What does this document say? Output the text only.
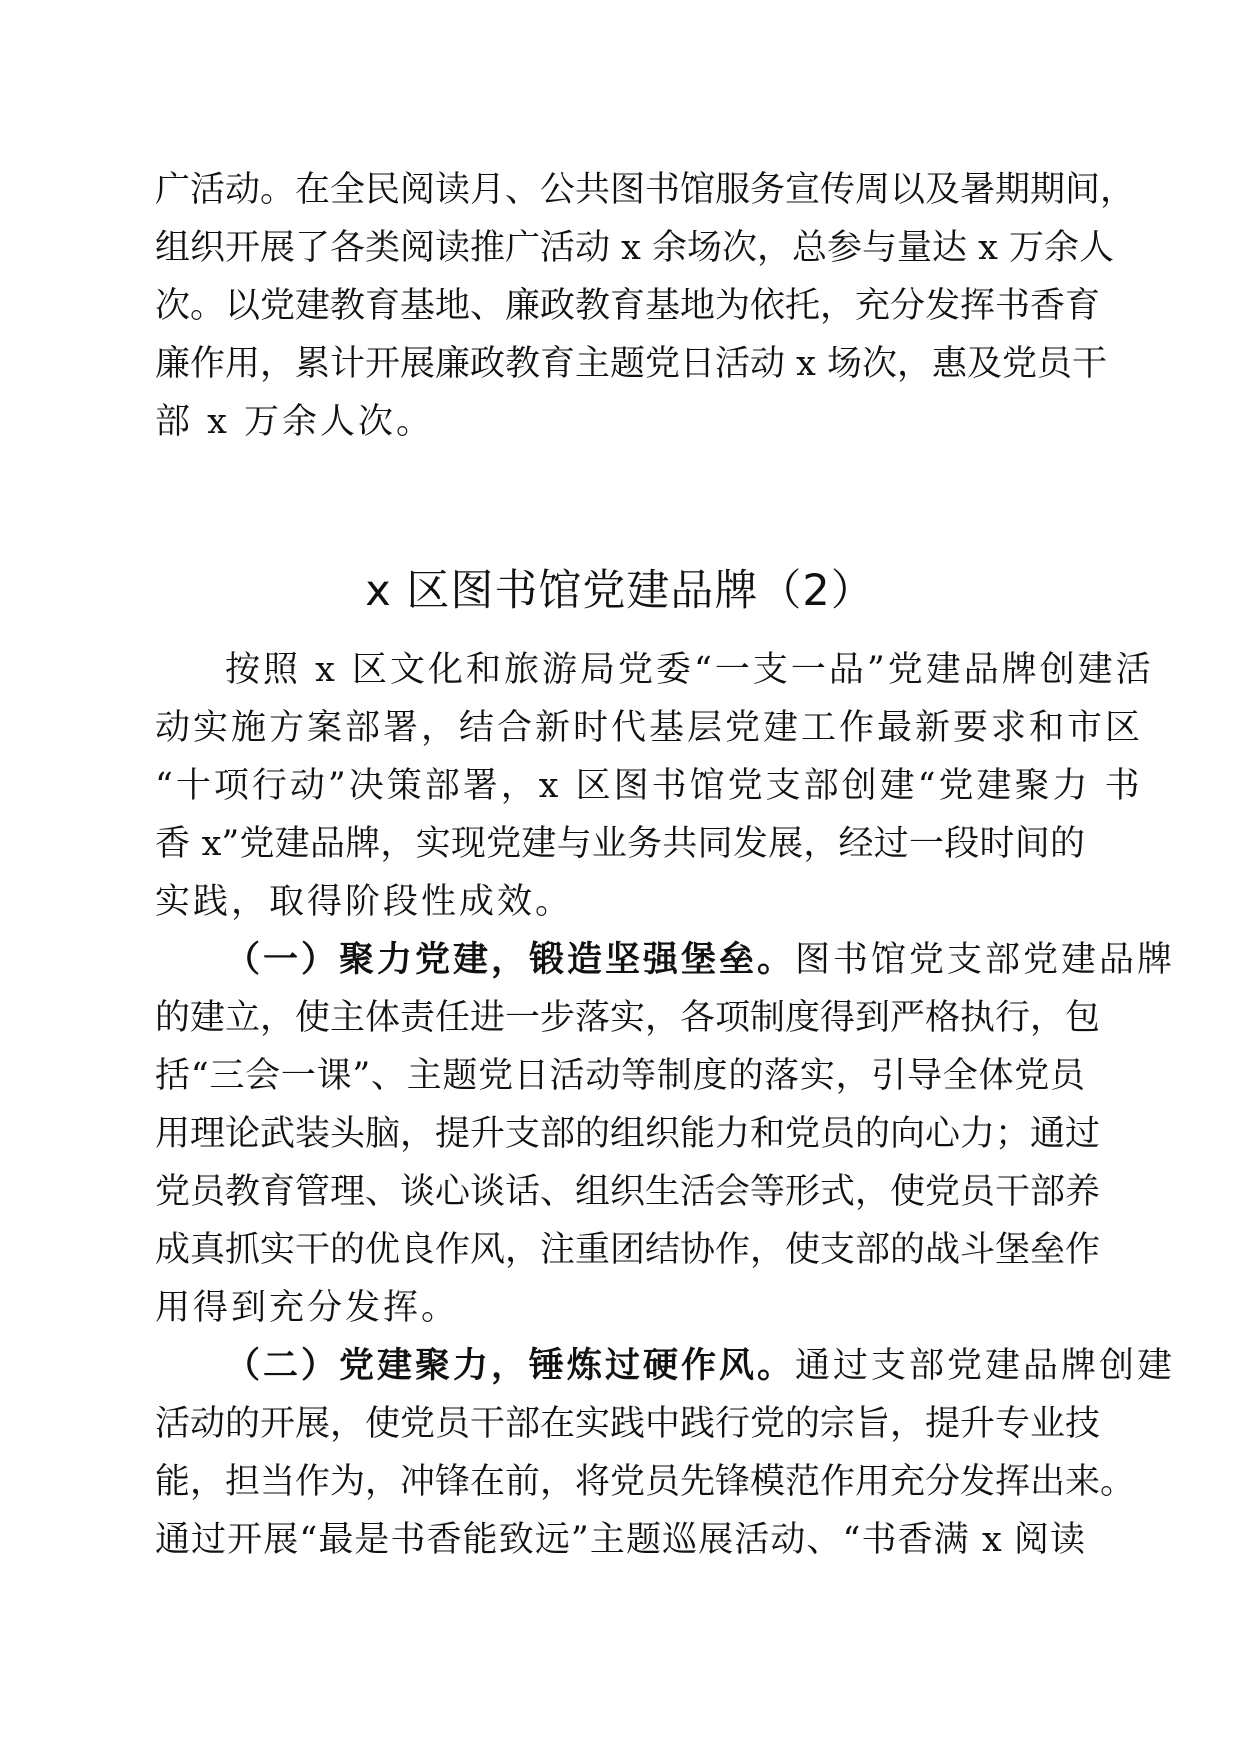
广活动。在全民阅读月、公共图书馆服务宣传周以及暑期期间，
组织开展了各类阅读推广活动 x 余场次，总参与量达 x 万余人
次。以党建教育基地、廉政教育基地为依托，充分发挥书香育
廉作用，累计开展廉政教育主题党日活动 x 场次，惠及党员干
部 x 万余人次。
x 区图书馆党建品牌（2）
按照 x 区文化和旅游局党委“一支一品”党建品牌创建活
动实施方案部署，结合新时代基层党建工作最新要求和市区
“十项行动”决策部署，x 区图书馆党支部创建“党建聚力 书
香 x”党建品牌，实现党建与业务共同发展，经过一段时间的
实践，取得阶段性成效。
（一）聚力党建，锻造坚强堡垒。图书馆党支部党建品牌
的建立，使主体责任进一步落实，各项制度得到严格执行，包
括“三会一课”、主题党日活动等制度的落实，引导全体党员
用理论武装头脑，提升支部的组织能力和党员的向心力；通过
党员教育管理、谈心谈话、组织生活会等形式，使党员干部养
成真抓实干的优良作风，注重团结协作，使支部的战斗堡垒作
用得到充分发挥。
（二）党建聚力，锤炼过硬作风。通过支部党建品牌创建
活动的开展，使党员干部在实践中践行党的宗旨，提升专业技
能，担当作为，冲锋在前，将党员先锋模范作用充分发挥出来。
通过开展“最是书香能致远”主题巡展活动、“书香满 x 阅读
